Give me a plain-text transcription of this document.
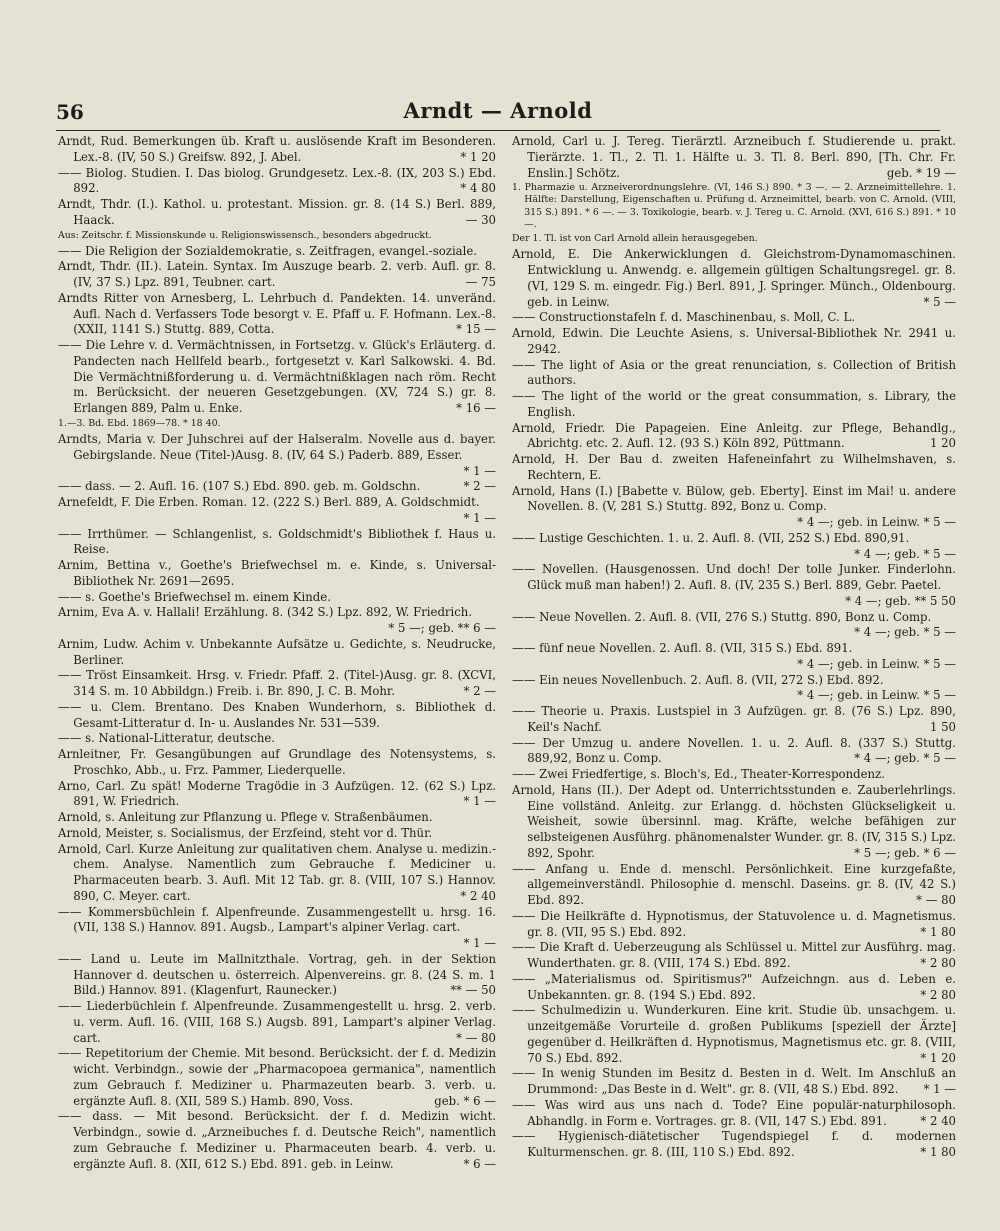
56	Arndt — Arnold

Arndt, Rud. Bemerkungen üb. Kraft u. auslösende Kraft im Besonderen. Lex.-8. (IV, 50 S.) Greifsw. 892, J. Abel.	* 1 20

—— Biolog. Studien. I. Das biolog. Grundgesetz. Lex.-8. (IX, 203 S.) Ebd. 892.	* 4 80

Arndt, Thdr. (I.). Kathol. u. protestant. Mission. gr. 8. (14 S.) Berl. 889, Haack.	— 30

Aus: Zeitschr. f. Missionskunde u. Religionswissensch., besonders abgedruckt.

—— Die Religion der Sozialdemokratie, s. Zeitfragen, evangel.-soziale.

Arndt, Thdr. (II.). Latein. Syntax. Im Auszuge bearb. 2. verb. Aufl. gr. 8. (IV, 37 S.) Lpz. 891, Teubner. cart.	— 75

Arndts Ritter von Arnesberg, L. Lehrbuch d. Pandekten. 14. unveränd. Aufl. Nach d. Verfassers Tode besorgt v. E. Pfaff u. F. Hofmann. Lex.-8. (XXII, 1141 S.) Stuttg. 889, Cotta.	* 15 —

—— Die Lehre v. d. Vermächtnissen, in Fortsetzg. v. Glück's Erläuterg. d. Pandecten nach Hellfeld bearb., fortgesetzt v. Karl Salkowski. 4. Bd. Die Vermächtnißforderung u. d. Vermächtnißklagen nach röm. Recht m. Berücksicht. der neueren Gesetzgebungen. (XV, 724 S.) gr. 8. Erlangen 889, Palm u. Enke.	* 16 —

1.—3. Bd. Ebd. 1869—78. * 18 40.

Arndts, Maria v. Der Juhschrei auf der Halseralm. Novelle aus d. bayer. Gebirgslande. Neue (Titel-)Ausg. 8. (IV, 64 S.) Paderb. 889, Esser.
* 1 —

—— dass. — 2. Aufl. 16. (107 S.) Ebd. 890. geb. m. Goldschn.	* 2 —

Arnefeldt, F. Die Erben. Roman. 12. (222 S.) Berl. 889, A. Goldschmidt.
* 1 —

—— Irrthümer. — Schlangenlist, s. Goldschmidt's Bibliothek f. Haus u. Reise.

Arnim, Bettina v., Goethe's Briefwechsel m. e. Kinde, s. Universal-Bibliothek Nr. 2691—2695.

—— s. Goethe's Briefwechsel m. einem Kinde.

Arnim, Eva A. v. Hallali! Erzählung. 8. (342 S.) Lpz. 892, W. Friedrich.
* 5 —; geb. ** 6 —

Arnim, Ludw. Achim v. Unbekannte Aufsätze u. Gedichte, s. Neudrucke, Berliner.

—— Tröst Einsamkeit. Hrsg. v. Friedr. Pfaff. 2. (Titel-)Ausg. gr. 8. (XCVI, 314 S. m. 10 Abbildgn.) Freib. i. Br. 890, J. C. B. Mohr.	* 2 —

—— u. Clem. Brentano. Des Knaben Wunderhorn, s. Bibliothek d. Gesamt-Litteratur d. In- u. Auslandes Nr. 531—539.

—— s. National-Litteratur, deutsche.

Arnleitner, Fr. Gesangübungen auf Grundlage des Notensystems, s. Proschko, Abb., u. Frz. Pammer, Liederquelle.

Arno, Carl. Zu spät! Moderne Tragödie in 3 Aufzügen. 12. (62 S.) Lpz. 891, W. Friedrich.	* 1 —

Arnold, s. Anleitung zur Pflanzung u. Pflege v. Straßenbäumen.

Arnold, Meister, s. Socialismus, der Erzfeind, steht vor d. Thür.

Arnold, Carl. Kurze Anleitung zur qualitativen chem. Analyse u. medizin.-chem. Analyse. Namentlich zum Gebrauche f. Mediciner u. Pharmaceuten bearb. 3. Aufl. Mit 12 Tab. gr. 8. (VIII, 107 S.) Hannov. 890, C. Meyer. cart.	* 2 40

—— Kommersbüchlein f. Alpenfreunde. Zusammengestellt u. hrsg. 16. (VII, 138 S.) Hannov. 891. Augsb., Lampart's alpiner Verlag. cart.
* 1 —

—— Land u. Leute im Mallnitzthale. Vortrag, geh. in der Sektion Hannover d. deutschen u. österreich. Alpenvereins. gr. 8. (24 S. m. 1 Bild.) Hannov. 891. (Klagenfurt, Raunecker.)	** — 50

—— Liederbüchlein f. Alpenfreunde. Zusammengestellt u. hrsg. 2. verb. u. verm. Aufl. 16. (VIII, 168 S.) Augsb. 891, Lampart's alpiner Verlag. cart.	* — 80

—— Repetitorium der Chemie. Mit besond. Berücksicht. der f. d. Medizin wicht. Verbindgn., sowie der „Pharmacopoea germanica", namentlich zum Gebrauch f. Mediziner u. Pharmazeuten bearb. 3. verb. u. ergänzte Aufl. 8. (XII, 589 S.) Hamb. 890, Voss.	geb. * 6 —

—— dass. — Mit besond. Berücksicht. der f. d. Medizin wicht. Verbindgn., sowie d. „Arzneibuches f. d. Deutsche Reich", namentlich zum Gebrauche f. Mediziner u. Pharmaceuten bearb. 4. verb. u. ergänzte Aufl. 8. (XII, 612 S.) Ebd. 891. geb. in Leinw.	* 6 —

Arnold, Carl u. J. Tereg. Tierärztl. Arzneibuch f. Studierende u. prakt. Tierärzte. 1. Tl., 2. Tl. 1. Hälfte u. 3. Tl. 8. Berl. 890, [Th. Chr. Fr. Enslin.] Schötz.	geb. * 19 —

1. Pharmazie u. Arzneiverordnungslehre. (VI, 146 S.) 890. * 3 —. — 2. Arzneimittellehre. 1. Hälfte: Darstellung, Eigenschaften u. Prüfung d. Arzneimittel, bearb. von C. Arnold. (VIII, 315 S.) 891. * 6 —. — 3. Toxikologie, bearb. v. J. Tereg u. C. Arnold. (XVI, 616 S.) 891. * 10 —.

Der 1. Tl. ist von Carl Arnold allein herausgegeben.

Arnold, E. Die Ankerwicklungen d. Gleichstrom-Dynamomaschinen. Entwicklung u. Anwendg. e. allgemein gültigen Schaltungsregel. gr. 8. (VI, 129 S. m. eingedr. Fig.) Berl. 891, J. Springer. Münch., Oldenbourg. geb. in Leinw.	* 5 —

—— Constructionstafeln f. d. Maschinenbau, s. Moll, C. L.

Arnold, Edwin. Die Leuchte Asiens, s. Universal-Bibliothek Nr. 2941 u. 2942.

—— The light of Asia or the great renunciation, s. Collection of British authors.

—— The light of the world or the great consummation, s. Library, the English.

Arnold, Friedr. Die Papageien. Eine Anleitg. zur Pflege, Behandlg., Abrichtg. etc. 2. Aufl. 12. (93 S.) Köln 892, Püttmann.	1 20

Arnold, H. Der Bau d. zweiten Hafeneinfahrt zu Wilhelmshaven, s. Rechtern, E.

Arnold, Hans (I.) [Babette v. Bülow, geb. Eberty]. Einst im Mai! u. andere Novellen. 8. (V, 281 S.) Stuttg. 892, Bonz u. Comp.
* 4 —; geb. in Leinw. * 5 —

—— Lustige Geschichten. 1. u. 2. Aufl. 8. (VII, 252 S.) Ebd. 890,91.
* 4 —; geb. * 5 —

—— Novellen. (Hausgenossen. Und doch! Der tolle Junker. Finderlohn. Glück muß man haben!) 2. Aufl. 8. (IV, 235 S.) Berl. 889, Gebr. Paetel.
* 4 —; geb. ** 5 50

—— Neue Novellen. 2. Aufl. 8. (VII, 276 S.) Stuttg. 890, Bonz u. Comp.
* 4 —; geb. * 5 —

—— fünf neue Novellen. 2. Aufl. 8. (VII, 315 S.) Ebd. 891.
* 4 —; geb. in Leinw. * 5 —

—— Ein neues Novellenbuch. 2. Aufl. 8. (VII, 272 S.) Ebd. 892.
* 4 —; geb. in Leinw. * 5 —

—— Theorie u. Praxis. Lustspiel in 3 Aufzügen. gr. 8. (76 S.) Lpz. 890, Keil's Nachf.	1 50

—— Der Umzug u. andere Novellen. 1. u. 2. Aufl. 8. (337 S.) Stuttg. 889,92, Bonz u. Comp.	* 4 —; geb. * 5 —

—— Zwei Friedfertige, s. Bloch's, Ed., Theater-Korrespondenz.

Arnold, Hans (II.). Der Adept od. Unterrichtsstunden e. Zauberlehrlings. Eine vollständ. Anleitg. zur Erlangg. d. höchsten Glückseligkeit u. Weisheit, sowie übersinnl. mag. Kräfte, welche befähigen zur selbsteigenen Ausführg. phänomenalster Wunder. gr. 8. (IV, 315 S.) Lpz. 892, Spohr.	* 5 —; geb. * 6 —

—— Anfang u. Ende d. menschl. Persönlichkeit. Eine kurzgefaßte, allgemeinverständl. Philosophie d. menschl. Daseins. gr. 8. (IV, 42 S.) Ebd. 892.	* — 80

—— Die Heilkräfte d. Hypnotismus, der Statuvolence u. d. Magnetismus. gr. 8. (VII, 95 S.) Ebd. 892.	* 1 80

—— Die Kraft d. Ueberzeugung als Schlüssel u. Mittel zur Ausführg. mag. Wunderthaten. gr. 8. (VIII, 174 S.) Ebd. 892.	* 2 80

—— „Materialismus od. Spiritismus?" Aufzeichngn. aus d. Leben e. Unbekannten. gr. 8. (194 S.) Ebd. 892.	* 2 80

—— Schulmedizin u. Wunderkuren. Eine krit. Studie üb. unsachgem. u. unzeitgemäße Vorurteile d. großen Publikums [speziell der Ärzte] gegenüber d. Heilkräften d. Hypnotismus, Magnetismus etc. gr. 8. (VIII, 70 S.) Ebd. 892.	* 1 20

—— In wenig Stunden im Besitz d. Besten in d. Welt. Im Anschluß an Drummond: „Das Beste in d. Welt". gr. 8. (VII, 48 S.) Ebd. 892. * 1 —

—— Was wird aus uns nach d. Tode? Eine populär-naturphilosoph. Abhandlg. in Form e. Vortrages. gr. 8. (VII, 147 S.) Ebd. 891.	* 2 40

—— Hygienisch-diätetischer Tugendspiegel f. d. modernen Kulturmenschen. gr. 8. (III, 110 S.) Ebd. 892.	* 1 80
